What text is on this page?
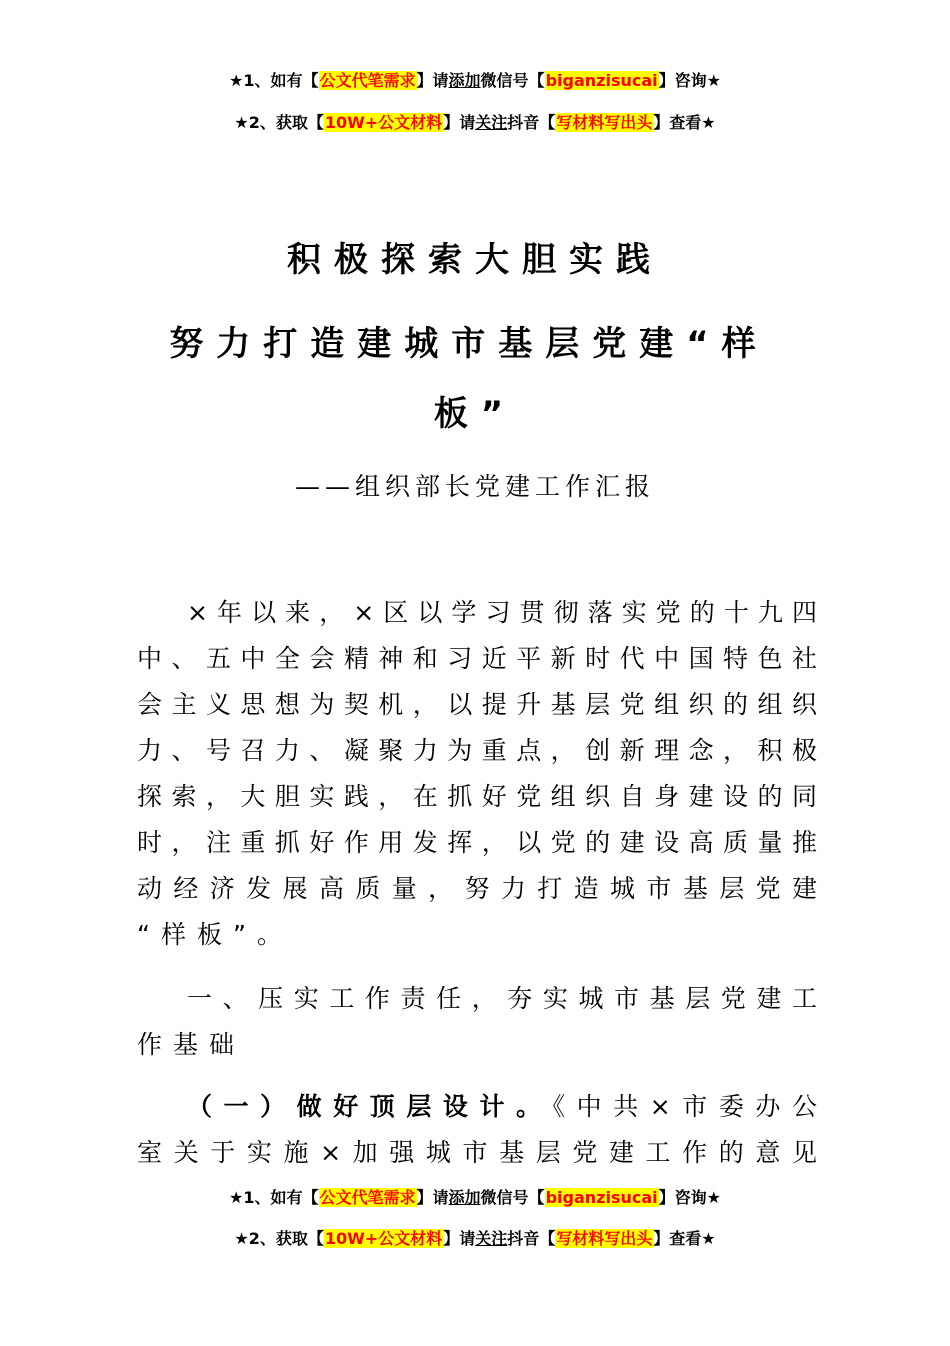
★1、如有【公文代笔需求】请添加微信号【biganzisucai】咨询★
★2、获取【10W+公文材料】请关注抖音【写材料写出头】查看★
积极探索大胆实践
努力打造建城市基层党建“样
板”
——组织部长党建工作汇报
×年以来，×区以学习贯彻落实党的十九四
中、五中全会精神和习近平新时代中国特色社
会主义思想为契机，以提升基层党组织的组织
力、号召力、凝聚力为重点，创新理念，积极
探索，大胆实践，在抓好党组织自身建设的同
时，注重抓好作用发挥，以党的建设高质量推
动经济发展高质量，努力打造城市基层党建
“样板”。
一、压实工作责任，夯实城市基层党建工
作基础
（一）做好顶层设计。《中共×市委办公
室关于实施×加强城市基层党建工作的意见
★1、如有【公文代笔需求】请添加微信号【biganzisucai】咨询★
★2、获取【10W+公文材料】请关注抖音【写材料写出头】查看★
